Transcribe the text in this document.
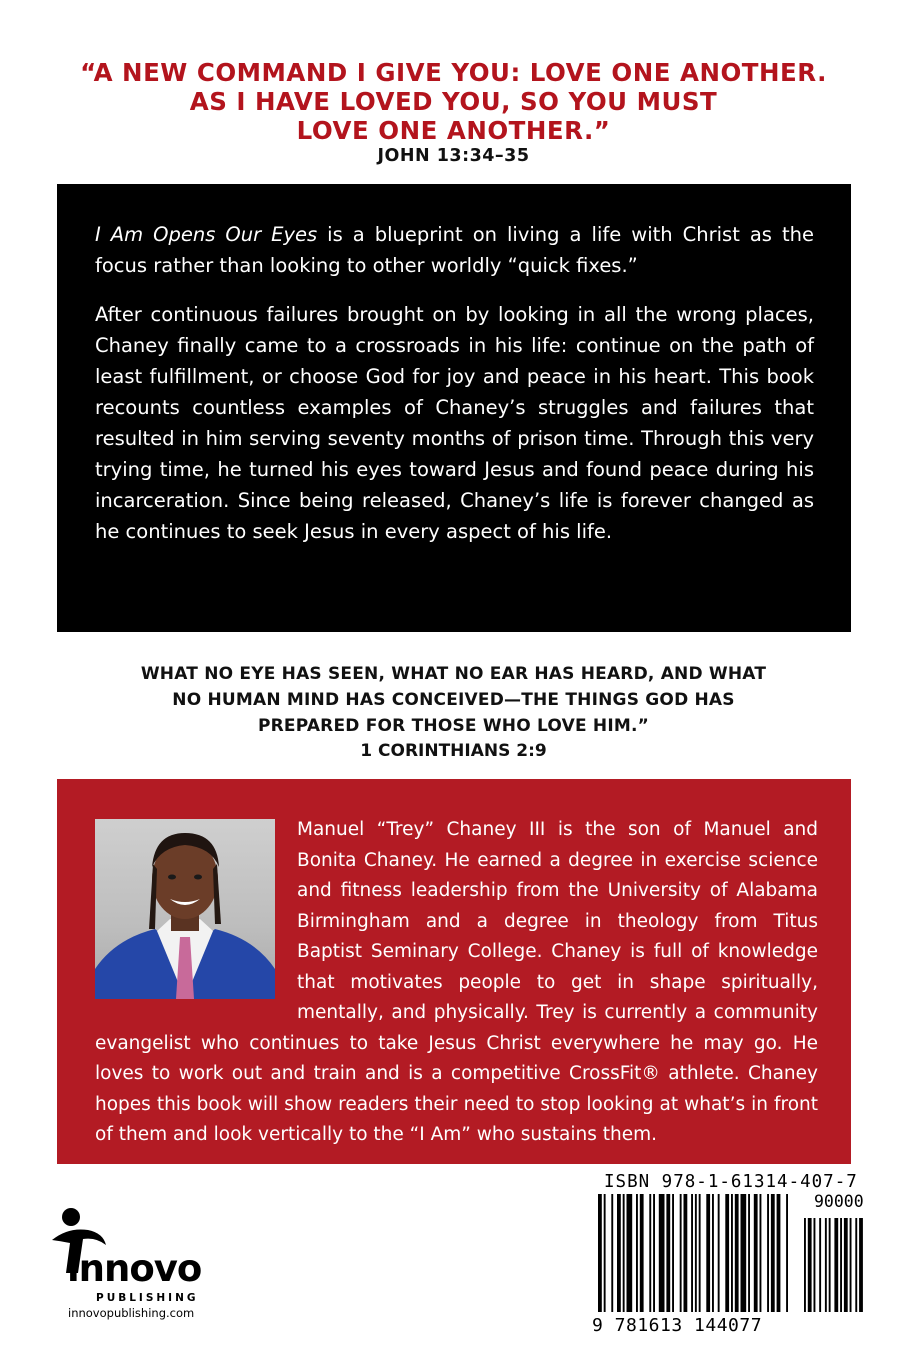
“A NEW COMMAND I GIVE YOU: LOVE ONE ANOTHER.
AS I HAVE LOVED YOU, SO YOU MUST
LOVE ONE ANOTHER.”
JOHN 13:34–35

I Am Opens Our Eyes is a blueprint on living a life with Christ as the focus rather than looking to other worldly “quick fixes.”

After continuous failures brought on by looking in all the wrong places, Chaney finally came to a crossroads in his life: continue on the path of least fulfillment, or choose God for joy and peace in his heart. This book recounts countless examples of Chaney’s struggles and failures that resulted in him serving seventy months of prison time. Through this very trying time, he turned his eyes toward Jesus and found peace during his incarceration. Since being released, Chaney’s life is forever changed as he continues to seek Jesus in every aspect of his life.

WHAT NO EYE HAS SEEN, WHAT NO EAR HAS HEARD, AND WHAT
NO HUMAN MIND HAS CONCEIVED—THE THINGS GOD HAS
PREPARED FOR THOSE WHO LOVE HIM.”
1 CORINTHIANS 2:9

Manuel “Trey” Chaney III is the son of Manuel and Bonita Chaney. He earned a degree in exercise science and fitness leadership from the University of Alabama Birmingham and a degree in theology from Titus Baptist Seminary College. Chaney is full of knowledge that motivates people to get in shape spiritually, mentally, and physically. Trey is currently a community evangelist who continues to take Jesus Christ everywhere he may go. He loves to work out and train and is a competitive CrossFit® athlete. Chaney hopes this book will show readers their need to stop looking at what’s in front of them and look vertically to the “I Am” who sustains them.

innovo
PUBLISHING
innovopublishing.com
ISBN 978-1-61314-407-7
90000
9 781613 144077
